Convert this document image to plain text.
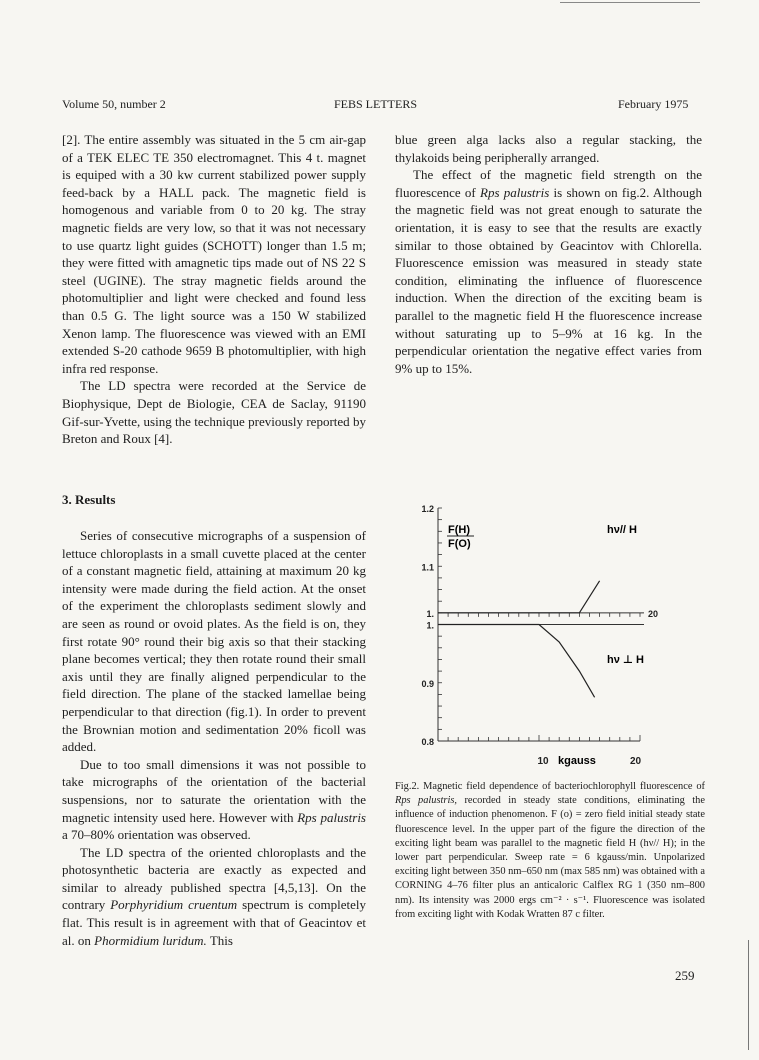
Volume 50, number 2	FEBS LETTERS	February 1975

[2]. The entire assembly was situated in the 5 cm air-gap of a TEK ELEC TE 350 electromagnet. This 4 t. magnet is equiped with a 30 kw current stabilized power supply feed-back by a HALL pack. The magnetic field is homogenous and variable from 0 to 20 kg. The stray magnetic fields are very low, so that it was not necessary to use quartz light guides (SCHOTT) longer than 1.5 m; they were fitted with amagnetic tips made out of NS 22 S steel (UGINE). The stray magnetic fields around the photomultiplier and light were checked and found less than 0.5 G. The light source was a 150 W stabilized Xenon lamp. The fluorescence was viewed with an EMI extended S-20 cathode 9659 B photomultiplier, with high infra red response.

The LD spectra were recorded at the Service de Biophysique, Dept de Biologie, CEA de Saclay, 91190 Gif-sur-Yvette, using the technique previously reported by Breton and Roux [4].

3. Results

Series of consecutive micrographs of a suspension of lettuce chloroplasts in a small cuvette placed at the center of a constant magnetic field, attaining at maximum 20 kg intensity were made during the field action. At the onset of the experiment the chloroplasts sediment slowly and are seen as round or ovoid plates. As the field is on, they first rotate 90° round their big axis so that their stacking plane becomes vertical; they then rotate round their small axis until they are finally aligned perpendicular to the field direction. The plane of the stacked lamellae being perpendicular to that direction (fig.1). In order to prevent the Brownian motion and sedimentation 20% ficoll was added.

Due to too small dimensions it was not possible to take micrographs of the orientation of the bacterial suspensions, nor to saturate the orientation with the magnetic intensity used here. However with Rps palustris a 70–80% orientation was observed.

The LD spectra of the oriented chloroplasts and the photosynthetic bacteria are exactly as expected and similar to already published spectra [4,5,13]. On the contrary Porphyridium cruentum spectrum is completely flat. This result is in agreement with that of Geacintov et al. on Phormidium luridum. This

blue green alga lacks also a regular stacking, the thylakoids being peripherally arranged.

The effect of the magnetic field strength on the fluorescence of Rps palustris is shown on fig.2. Although the magnetic field was not great enough to saturate the orientation, it is easy to see that the results are exactly similar to those obtained by Geacintov with Chlorella. Fluorescence emission was measured in steady state condition, eliminating the influence of fluorescence induction. When the direction of the exciting beam is parallel to the magnetic field H the fluorescence increase without saturating up to 5–9% at 16 kg. In the perpendicular orientation the negative effect varies from 9% up to 15%.

1.2
1.1
1.
1.
0.9
0.8
20
10	20
F(H)
F(O)
hν// H
hν ⊥ H
kgauss

Fig.2. Magnetic field dependence of bacteriochlorophyll fluorescence of Rps palustris, recorded in steady state conditions, eliminating the influence of induction phenomenon. F (o) = zero field initial steady state fluorescence level. In the upper part of the figure the direction of the exciting light beam was parallel to the magnetic field H (hν// H); in the lower part perpendicular. Sweep rate = 6 kgauss/min. Unpolarized exciting light between 350 nm–650 nm (max 585 nm) was obtained with a CORNING 4–76 filter plus an anticaloric Calflex RG 1 (350 nm–800 nm). Its intensity was 2000 ergs cm⁻² · s⁻¹. Fluorescence was isolated from exciting light with Kodak Wratten 87 c filter.

259
